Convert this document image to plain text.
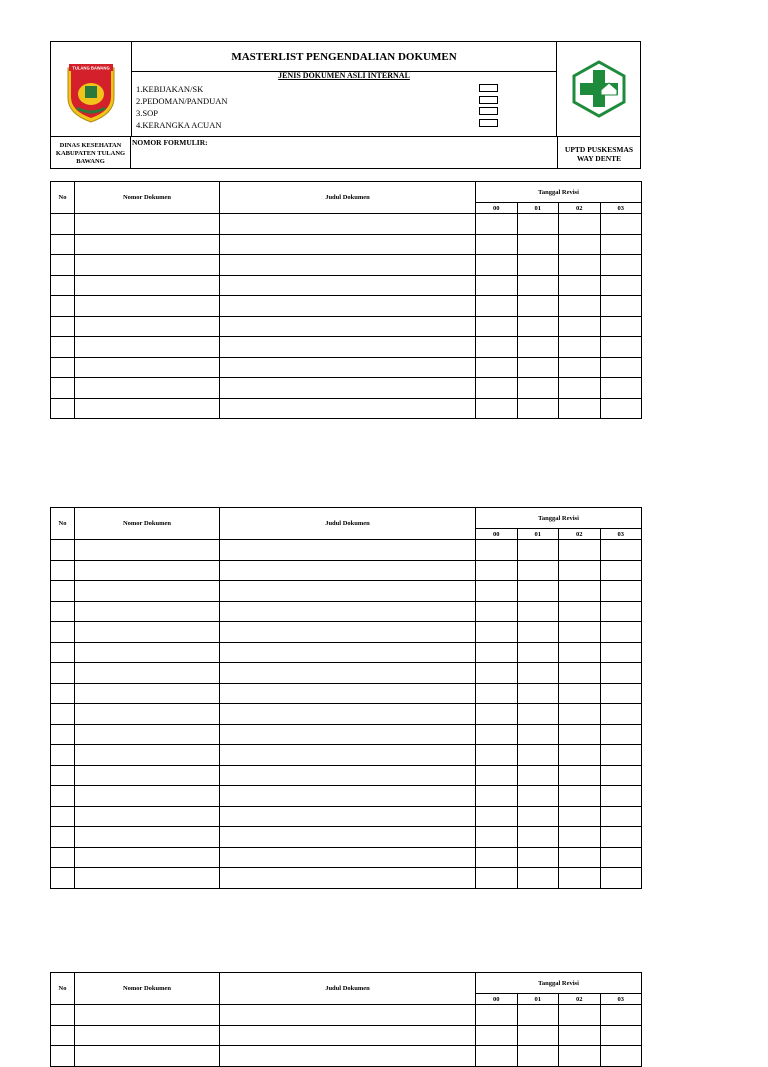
TULANG BAWANG
MASTERLIST PENGENDALIAN DOKUMEN
JENIS DOKUMEN ASLI INTERNAL
1.KEBIJAKAN/SK
2.PEDOMAN/PANDUAN
3.SOP
4.KERANGKA ACUAN
DINAS KESEHATAN KABUPATEN TULANG BAWANG
NOMOR FORMULIR:
UPTD PUSKESMAS WAY DENTE
No	Nomor Dokumen	Judul Dokumen	Tanggal Revisi			
			00	01	02	03

No	Nomor Dokumen	Judul Dokumen	Tanggal Revisi			
			00	01	02	03

No	Nomor Dokumen	Judul Dokumen	Tanggal Revisi			
			00	01	02	03
